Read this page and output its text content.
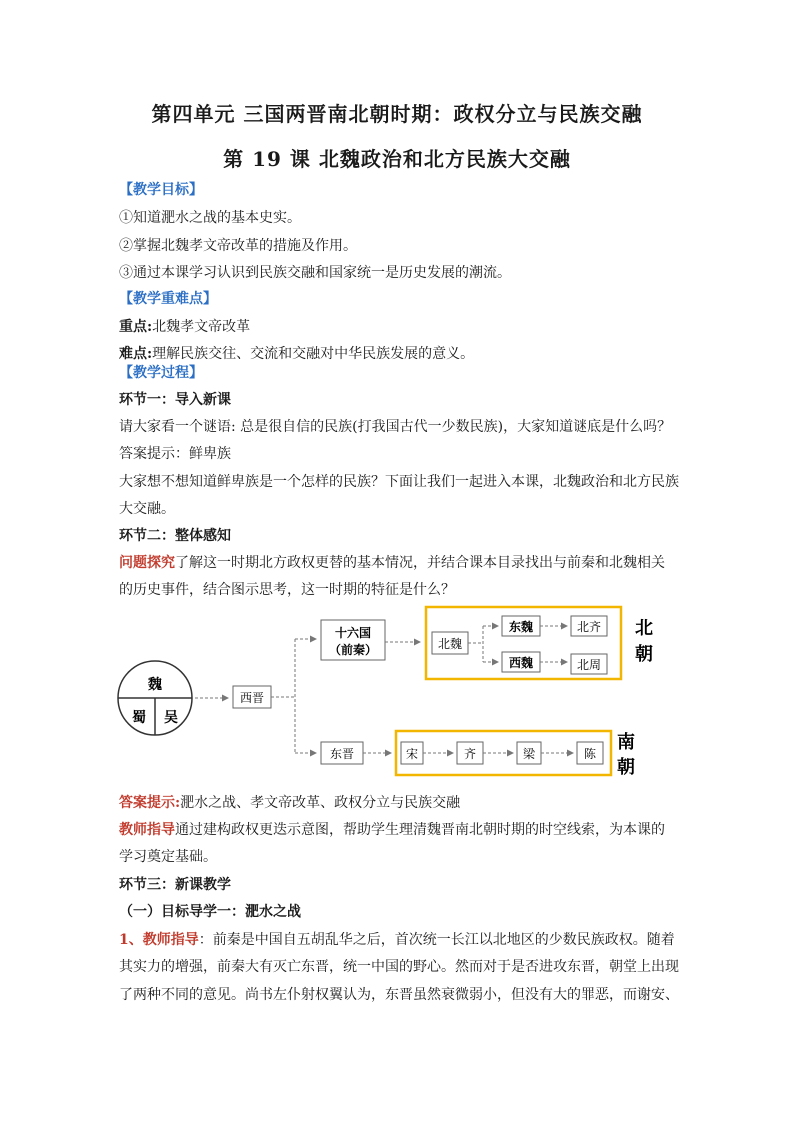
第四单元 三国两晋南北朝时期：政权分立与民族交融
第 19 课 北魏政治和北方民族大交融
【教学目标】
①知道淝水之战的基本史实。
②掌握北魏孝文帝改革的措施及作用。
③通过本课学习认识到民族交融和国家统一是历史发展的潮流。
【教学重难点】
重点:北魏孝文帝改革
难点:理解民族交往、交流和交融对中华民族发展的意义。
【教学过程】
环节一：导入新课
请大家看一个谜语: 总是很自信的民族(打我国古代一少数民族)，大家知道谜底是什么吗？
答案提示：鲜卑族
大家想不想知道鲜卑族是一个怎样的民族？下面让我们一起进入本课，北魏政治和北方民族
大交融。
环节二：整体感知
问题探究了解这一时期北方政权更替的基本情况，并结合课本目录找出与前秦和北魏相关
的历史事件，结合图示思考，这一时期的特征是什么？
魏
蜀 吴
西晋
十六国
（前秦）	北魏
东魏
西魏
北齐
北周
北
朝
东晋	宋	齐	梁	陈
南
朝
答案提示:淝水之战、孝文帝改革、政权分立与民族交融
教师指导通过建构政权更迭示意图，帮助学生理清魏晋南北朝时期的时空线索，为本课的
学习奠定基础。
环节三：新课教学
（一）目标导学一：淝水之战
1、教师指导：前秦是中国自五胡乱华之后，首次统一长江以北地区的少数民族政权。随着
其实力的增强，前秦大有灭亡东晋，统一中国的野心。然而对于是否进攻东晋，朝堂上出现
了两种不同的意见。尚书左仆射权翼认为，东晋虽然衰微弱小，但没有大的罪恶，而谢安、
